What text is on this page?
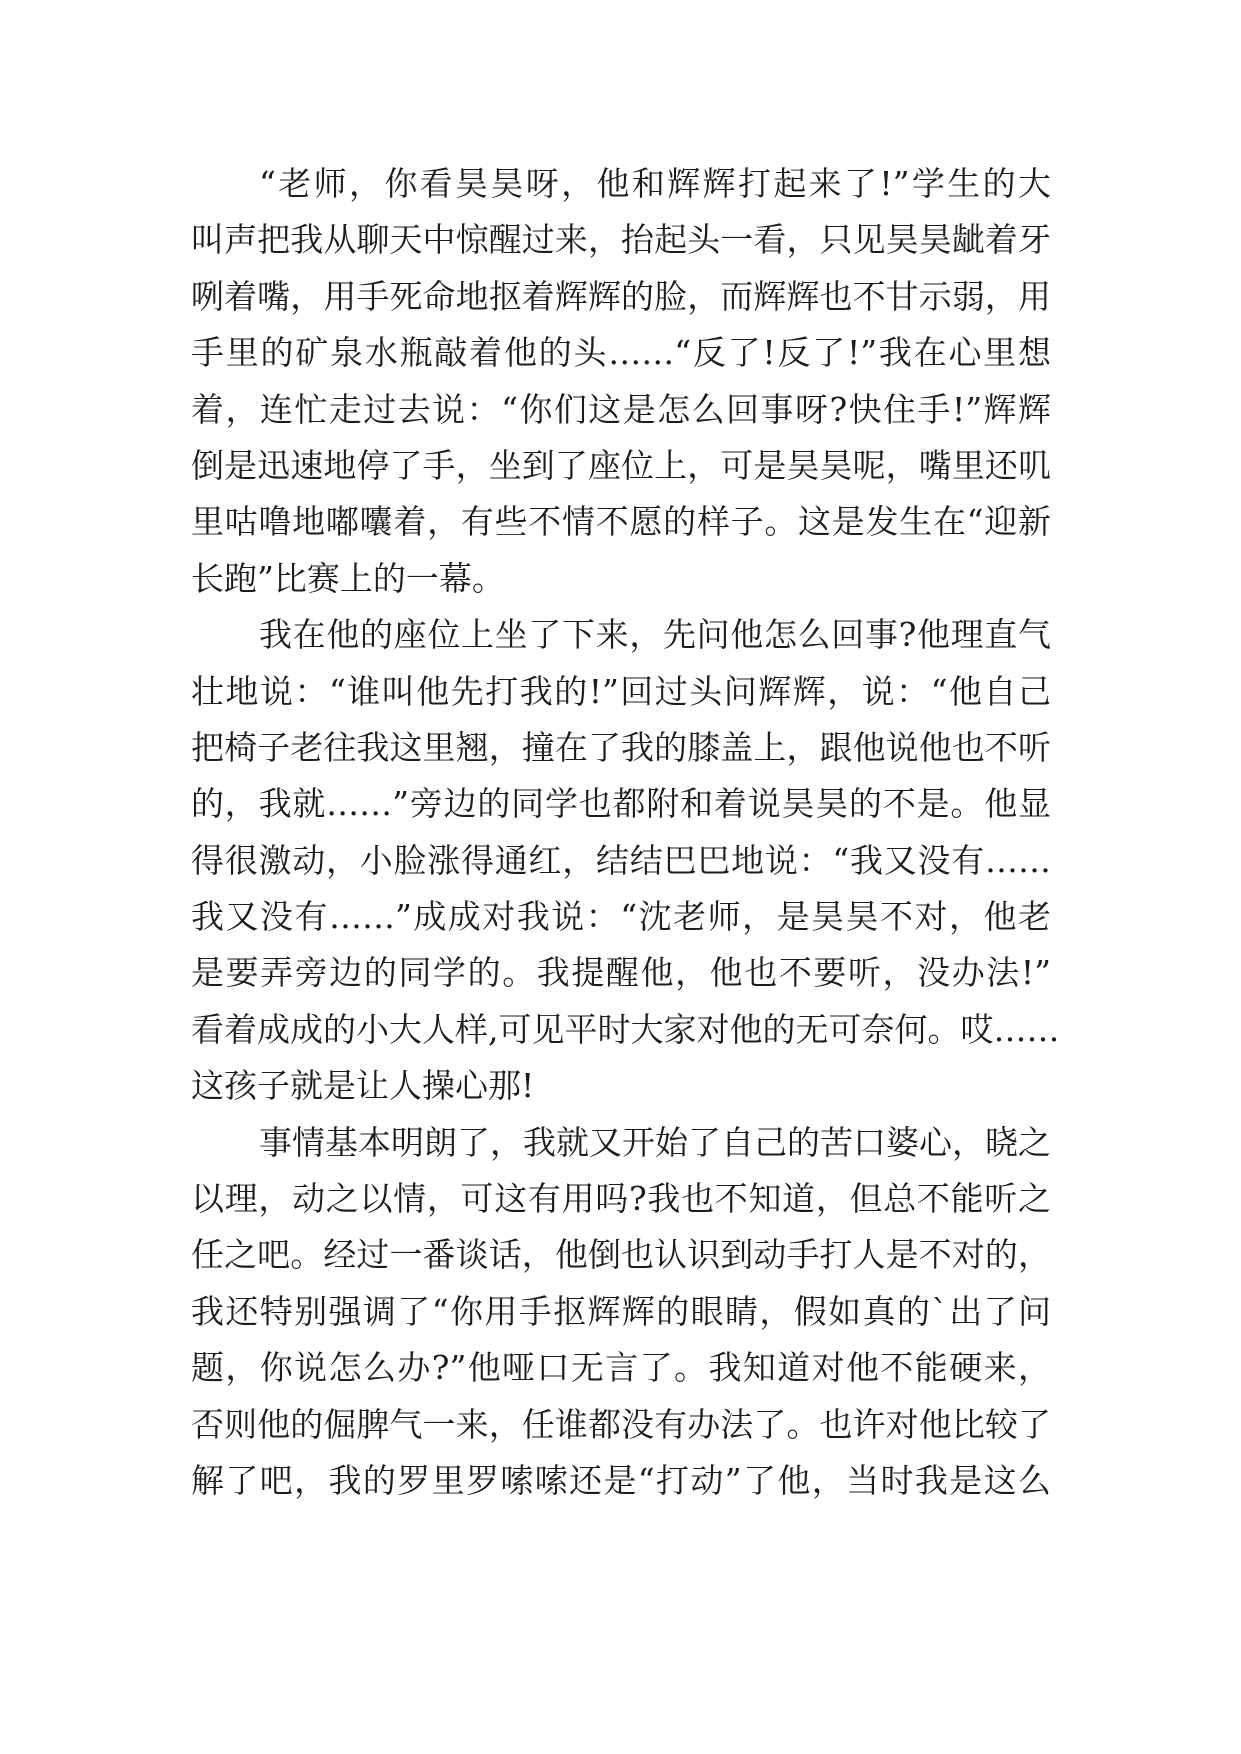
“老师，你看昊昊呀，他和辉辉打起来了!”学生的大
叫声把我从聊天中惊醒过来，抬起头一看，只见昊昊龇着牙
咧着嘴，用手死命地抠着辉辉的脸，而辉辉也不甘示弱，用
手里的矿泉水瓶敲着他的头……“反了!反了!”我在心里想
着，连忙走过去说：“你们这是怎么回事呀?快住手!”辉辉
倒是迅速地停了手，坐到了座位上，可是昊昊呢，嘴里还叽
里咕噜地嘟囔着，有些不情不愿的样子。这是发生在“迎新
长跑”比赛上的一幕。
我在他的座位上坐了下来，先问他怎么回事?他理直气
壮地说：“谁叫他先打我的!”回过头问辉辉，说：“他自己
把椅子老往我这里翘，撞在了我的膝盖上，跟他说他也不听
的，我就……”旁边的同学也都附和着说昊昊的不是。他显
得很激动，小脸涨得通红，结结巴巴地说：“我又没有……
我又没有……”成成对我说：“沈老师，是昊昊不对，他老
是要弄旁边的同学的。我提醒他，他也不要听，没办法!”
看着成成的小大人样,可见平时大家对他的无可奈何。哎……
这孩子就是让人操心那!
事情基本明朗了，我就又开始了自己的苦口婆心，晓之
以理，动之以情，可这有用吗?我也不知道，但总不能听之
任之吧。经过一番谈话，他倒也认识到动手打人是不对的，
我还特别强调了“你用手抠辉辉的眼睛，假如真的`出了问
题，你说怎么办?”他哑口无言了。我知道对他不能硬来，
否则他的倔脾气一来，任谁都没有办法了。也许对他比较了
解了吧，我的罗里罗嗦嗦还是“打动”了他，当时我是这么
